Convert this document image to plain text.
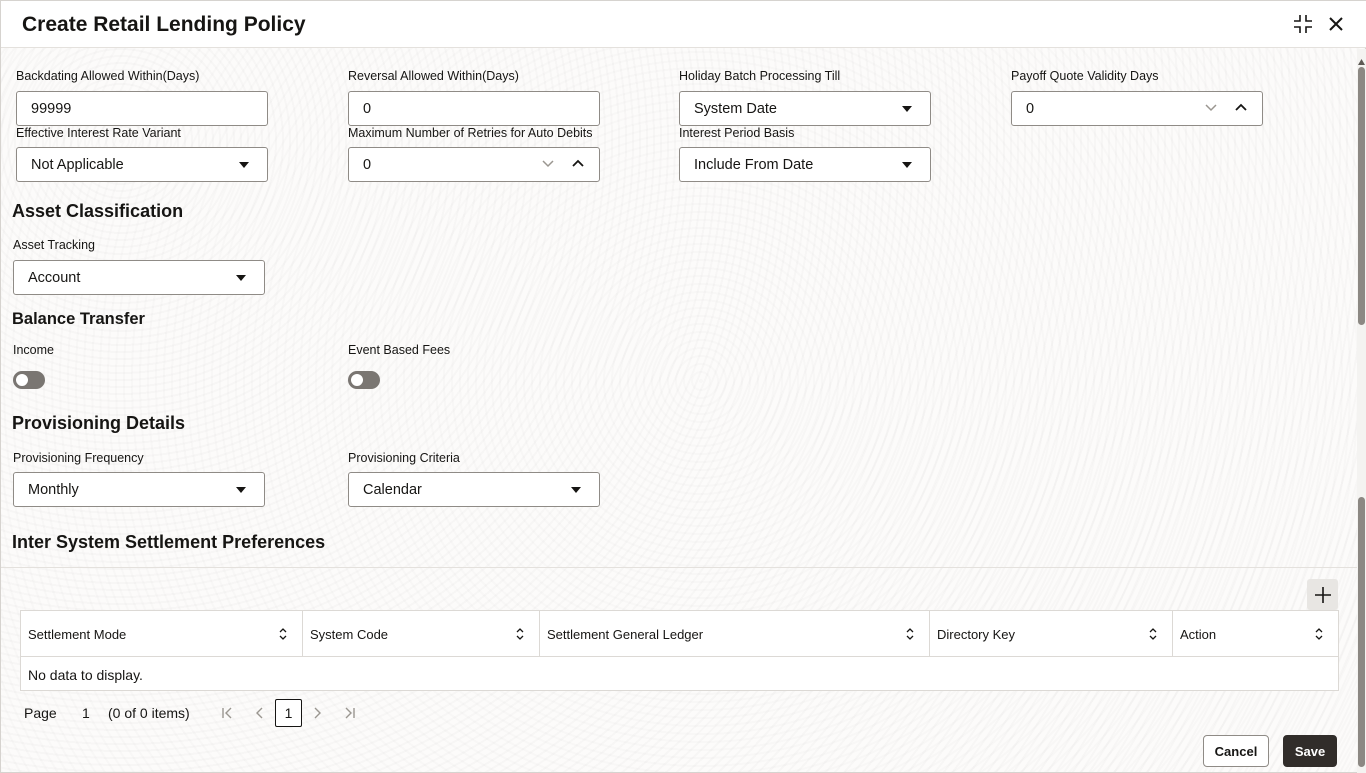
Create Retail Lending Policy
Backdating Allowed Within(Days)
99999
Reversal Allowed Within(Days)
0
Holiday Batch Processing Till
System Date
Payoff Quote Validity Days
0
Effective Interest Rate Variant
Not Applicable
Maximum Number of Retries for Auto Debits
0
Interest Period Basis
Include From Date
Asset Classification
Asset Tracking
Account
Balance Transfer
Income	Event Based Fees
Provisioning Details
Provisioning Frequency
Monthly
Provisioning Criteria
Calendar
Inter System Settlement Preferences
Settlement Mode	System Code	Settlement General Ledger	Directory Key	Action
No data to display.
Page 1 (0 of 0 items)	1
Cancel	Save
